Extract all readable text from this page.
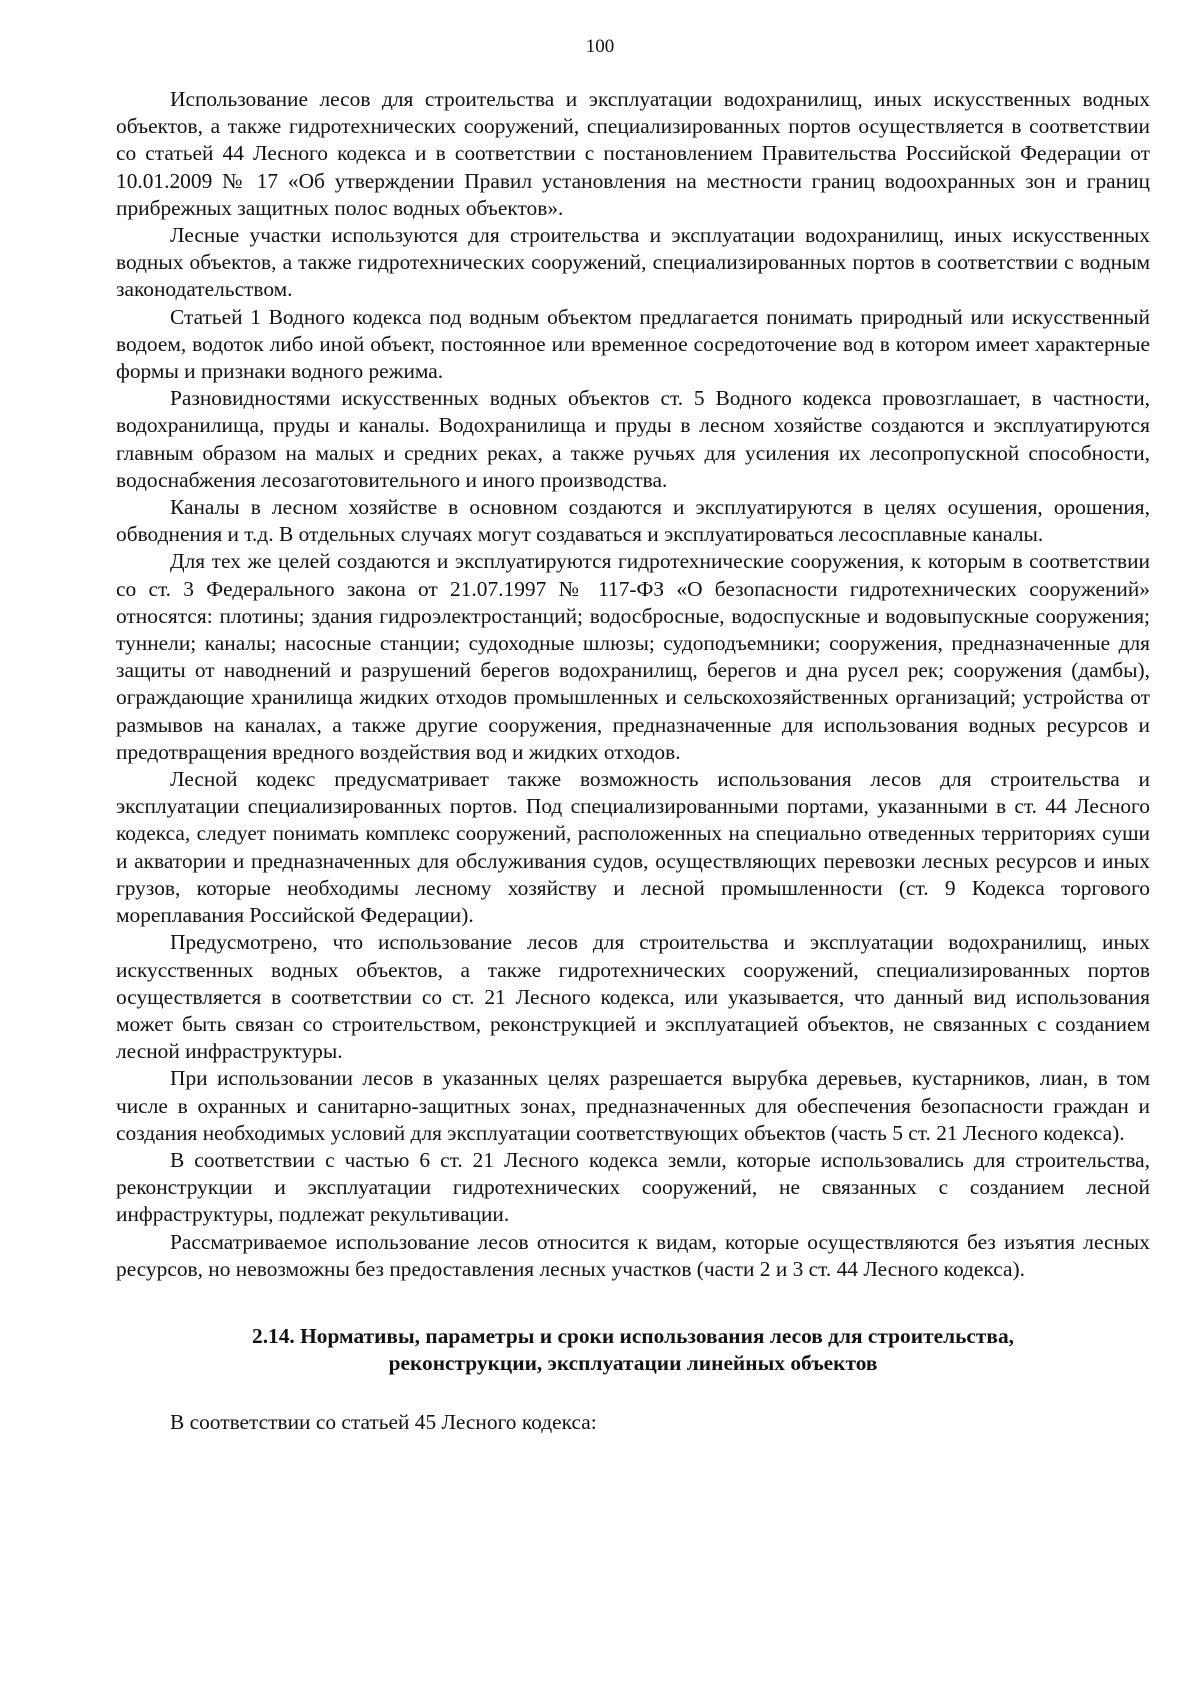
100

Использование лесов для строительства и эксплуатации водохранилищ, иных искусственных водных объектов, а также гидротехнических сооружений, специализированных портов осуществляется в соответствии со статьей 44 Лесного кодекса и в соответствии с постановлением Правительства Российской Федерации от 10.01.2009 № 17 «Об утверждении Правил установления на местности границ водоохранных зон и границ прибрежных защитных полос водных объектов».

Лесные участки используются для строительства и эксплуатации водохранилищ, иных искусственных водных объектов, а также гидротехнических сооружений, специализированных портов в соответствии с водным законодательством.

Статьей 1 Водного кодекса под водным объектом предлагается понимать природный или искусственный водоем, водоток либо иной объект, постоянное или временное сосредоточение вод в котором имеет характерные формы и признаки водного режима.

Разновидностями искусственных водных объектов ст. 5 Водного кодекса провозглашает, в частности, водохранилища, пруды и каналы. Водохранилища и пруды в лесном хозяйстве создаются и эксплуатируются главным образом на малых и средних реках, а также ручьях для усиления их лесопропускной способности, водоснабжения лесозаготовительного и иного производства.

Каналы в лесном хозяйстве в основном создаются и эксплуатируются в целях осушения, орошения, обводнения и т.д. В отдельных случаях могут создаваться и эксплуатироваться лесосплавные каналы.

Для тех же целей создаются и эксплуатируются гидротехнические сооружения, к которым в соответствии со ст. 3 Федерального закона от 21.07.1997 № 117-ФЗ «О безопасности гидротехнических сооружений» относятся: плотины; здания гидроэлектростанций; водосбросные, водоспускные и водовыпускные сооружения; туннели; каналы; насосные станции; судоходные шлюзы; судоподъемники; сооружения, предназначенные для защиты от наводнений и разрушений берегов водохранилищ, берегов и дна русел рек; сооружения (дамбы), ограждающие хранилища жидких отходов промышленных и сельскохозяйственных организаций; устройства от размывов на каналах, а также другие сооружения, предназначенные для использования водных ресурсов и предотвращения вредного воздействия вод и жидких отходов.

Лесной кодекс предусматривает также возможность использования лесов для строительства и эксплуатации специализированных портов. Под специализированными портами, указанными в ст. 44 Лесного кодекса, следует понимать комплекс сооружений, расположенных на специально отведенных территориях суши и акватории и предназначенных для обслуживания судов, осуществляющих перевозки лесных ресурсов и иных грузов, которые необходимы лесному хозяйству и лесной промышленности (ст. 9 Кодекса торгового мореплавания Российской Федерации).

Предусмотрено, что использование лесов для строительства и эксплуатации водохранилищ, иных искусственных водных объектов, а также гидротехнических сооружений, специализированных портов осуществляется в соответствии со ст. 21 Лесного кодекса, или указывается, что данный вид использования может быть связан со строительством, реконструкцией и эксплуатацией объектов, не связанных с созданием лесной инфраструктуры.

При использовании лесов в указанных целях разрешается вырубка деревьев, кустарников, лиан, в том числе в охранных и санитарно-защитных зонах, предназначенных для обеспечения безопасности граждан и создания необходимых условий для эксплуатации соответствующих объектов (часть 5 ст. 21 Лесного кодекса).

В соответствии с частью 6 ст. 21 Лесного кодекса земли, которые использовались для строительства, реконструкции и эксплуатации гидротехнических сооружений, не связанных с созданием лесной инфраструктуры, подлежат рекультивации.

Рассматриваемое использование лесов относится к видам, которые осуществляются без изъятия лесных ресурсов, но невозможны без предоставления лесных участков (части 2 и 3 ст. 44 Лесного кодекса).

2.14. Нормативы, параметры и сроки использования лесов для строительства,
реконструкции, эксплуатации линейных объектов

В соответствии со статьей 45 Лесного кодекса:
